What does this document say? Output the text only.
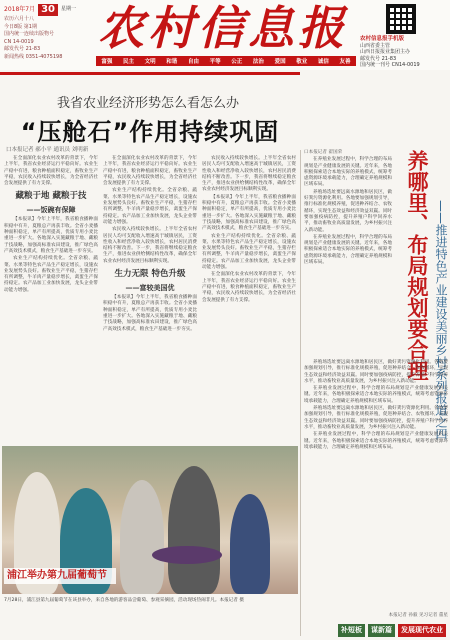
2018年7月 30	星期一
农历六月十八
今日8版 第1期
国内统一连续出版物号
CN 14-0019
邮发代号 21-83
新闻热线 0351-4075198
农村信息报
富强 民主 文明 和谐 自由 平等 公正 法治 爱国 敬业 诚信 友善
农村信息报手机版
山西省委主管
山西日报报业集团主办
邮发代号 21-83
国内统一刊号 CN14-0019
我省农业经济形势怎么看怎么办
“压舱石”作用持续巩固
口本报记者 郝小平 通讯员 刘明新

在全面深化农业农村改革的背景下，今年上半年，我省农业经济运行平稳向好。农业生产稳中有进，粮食种植面积稳定，畜牧业生产平稳，农民收入持续较快增长，为全省经济社会发展提供了有力支撑。

藏粮于地 藏粮于技
——饭碗有保障

【本报讯】今年上半年，我省粮食播种面积稳中有升，夏粮总产再获丰收。全省小麦播种面积稳定，单产有所提高，优质专用小麦比重进一步扩大。各地深入实施藏粮于地、藏粮于技战略，加强高标准农田建设，推广绿色高产高效技术模式，粮食生产基础进一步夯实。

农业生产结构持续优化。全省杂粮、蔬菜、水果等特色农产品生产稳定增长，设施农业发展势头良好。畜牧业生产平稳，生猪存栏有所调整，牛羊肉产量稳步增长，禽蛋生产保持稳定。农产品加工业加快发展，龙头企业带动能力增强。

在全面深化农业农村改革的背景下，今年上半年，我省农业经济运行平稳向好。农业生产稳中有进，粮食种植面积稳定，畜牧业生产平稳，农民收入持续较快增长，为全省经济社会发展提供了有力支撑。

农业生产结构持续优化。全省杂粮、蔬菜、水果等特色农产品生产稳定增长，设施农业发展势头良好。畜牧业生产平稳，生猪存栏有所调整，牛羊肉产量稳步增长，禽蛋生产保持稳定。农产品加工业加快发展，龙头企业带动能力增强。

农民收入持续较快增长。上半年全省农村居民人均可支配收入增速高于城镇居民，工资性收入和经营净收入较快增长，农村居民消费结构不断改善。下一步，我省将继续稳定粮食生产，推进农业供给侧结构性改革，确保全年农业农村经济发展目标顺利实现。

生力无限 特色升级
——富较美国优

【本报讯】今年上半年，我省粮食播种面积稳中有升，夏粮总产再获丰收。全省小麦播种面积稳定，单产有所提高，优质专用小麦比重进一步扩大。各地深入实施藏粮于地、藏粮于技战略，加强高标准农田建设，推广绿色高产高效技术模式，粮食生产基础进一步夯实。

农民收入持续较快增长。上半年全省农村居民人均可支配收入增速高于城镇居民，工资性收入和经营净收入较快增长，农村居民消费结构不断改善。下一步，我省将继续稳定粮食生产，推进农业供给侧结构性改革，确保全年农业农村经济发展目标顺利实现。

【本报讯】今年上半年，我省粮食播种面积稳中有升，夏粮总产再获丰收。全省小麦播种面积稳定，单产有所提高，优质专用小麦比重进一步扩大。各地深入实施藏粮于地、藏粮于技战略，加强高标准农田建设，推广绿色高产高效技术模式，粮食生产基础进一步夯实。

农业生产结构持续优化。全省杂粮、蔬菜、水果等特色农产品生产稳定增长，设施农业发展势头良好。畜牧业生产平稳，生猪存栏有所调整，牛羊肉产量稳步增长，禽蛋生产保持稳定。农产品加工业加快发展，龙头企业带动能力增强。

在全面深化农业农村改革的背景下，今年上半年，我省农业经济运行平稳向好。农业生产稳中有进，粮食种植面积稳定，畜牧业生产平稳，农民收入持续较快增长，为全省经济社会发展提供了有力支撑。

浦江举办第九届葡萄节
7月28日，浦江县第九届葡萄节在该县举办，来自各地的游客品尝葡萄、参观采摘园，活动现场热闹非凡。本报记者 摄
养哪里、布局规划要合理 ——推进特色产业建设美丽乡村系列报道之四

口本报记者 翟国荣

在养殖业发展过程中，科学合理的布局规划是产业健康发展的关键。近年来，各地积极探索适合本地实际的养殖模式，统筹考虑资源环境承载能力，合理确定养殖规模和区域布局。

养殖场选址要远离水源地和居民区，做好粪污资源化利用。各地要加强规划引导，推行标准化规模养殖，促进种养结合、农牧循环，实现生态效益和经济效益双赢。同时要加强疫病防控，提升养殖户科学饲养水平，推动畜牧业高质量发展，为乡村振兴注入新动能。

在养殖业发展过程中，科学合理的布局规划是产业健康发展的关键。近年来，各地积极探索适合本地实际的养殖模式，统筹考虑资源环境承载能力，合理确定养殖规模和区域布局。

养殖场选址要远离水源地和居民区，做好粪污资源化利用。各地要加强规划引导，推行标准化规模养殖，促进种养结合、农牧循环，实现生态效益和经济效益双赢。同时要加强疫病防控，提升养殖户科学饲养水平，推动畜牧业高质量发展，为乡村振兴注入新动能。

在养殖业发展过程中，科学合理的布局规划是产业健康发展的关键。近年来，各地积极探索适合本地实际的养殖模式，统筹考虑资源环境承载能力，合理确定养殖规模和区域布局。

养殖场选址要远离水源地和居民区，做好粪污资源化利用。各地要加强规划引导，推行标准化规模养殖，促进种养结合、农牧循环，实现生态效益和经济效益双赢。同时要加强疫病防控，提升养殖户科学饲养水平，推动畜牧业高质量发展，为乡村振兴注入新动能。

在养殖业发展过程中，科学合理的布局规划是产业健康发展的关键。近年来，各地积极探索适合本地实际的养殖模式，统筹考虑资源环境承载能力，合理确定养殖规模和区域布局。

本报记者 孙毅 见习记者 董星
补短板	谋新篇	发展现代农业
